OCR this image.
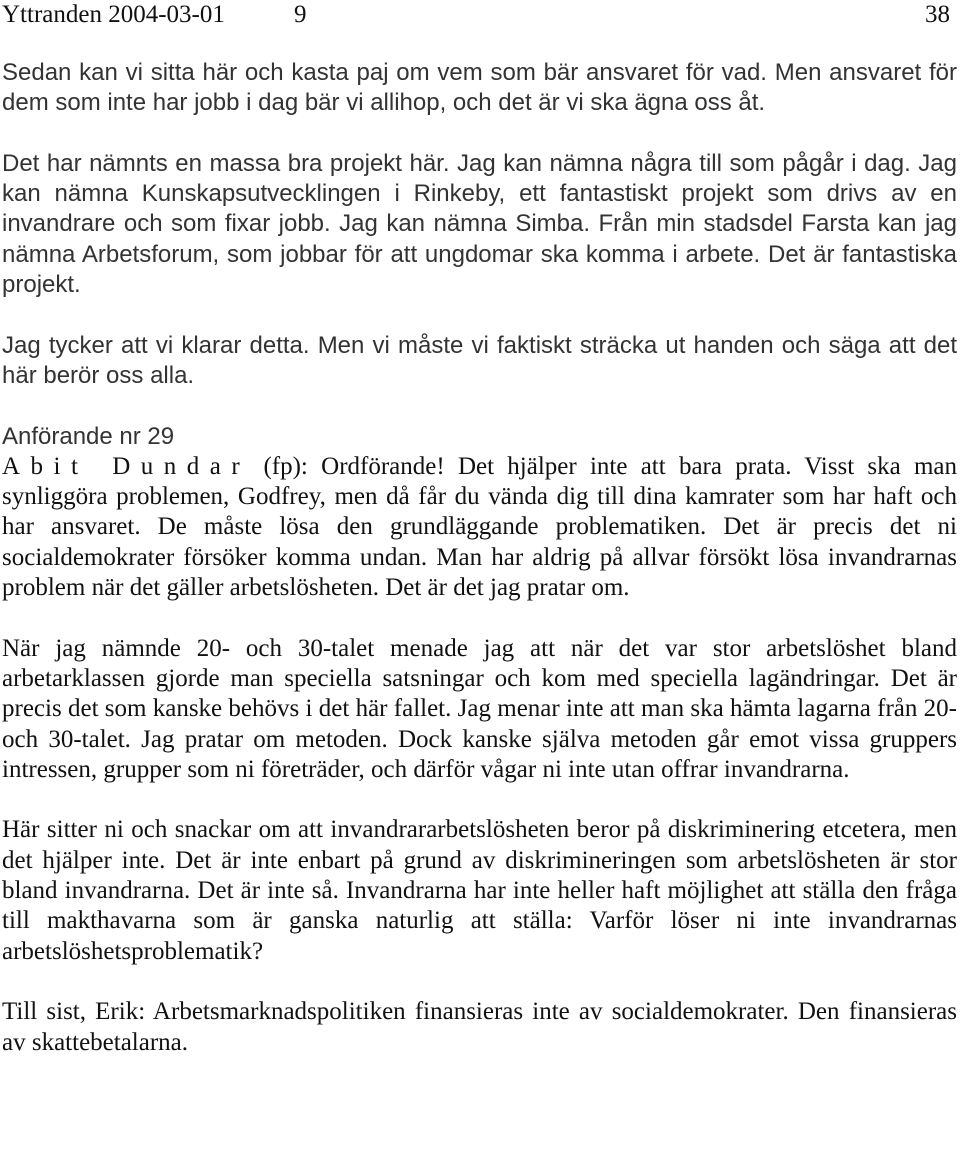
Yttranden 2004-03-01	9	38

Sedan kan vi sitta här och kasta paj om vem som bär ansvaret för vad. Men ansvaret för dem som inte har jobb i dag bär vi allihop, och det är vi ska ägna oss åt.

Det har nämnts en massa bra projekt här. Jag kan nämna några till som pågår i dag. Jag kan nämna Kunskapsutvecklingen i Rinkeby, ett fantastiskt projekt som drivs av en invandrare och som fixar jobb. Jag kan nämna Simba. Från min stadsdel Farsta kan jag nämna Arbetsforum, som jobbar för att ungdomar ska komma i arbete. Det är fantastiska projekt.

Jag tycker att vi klarar detta. Men vi måste vi faktiskt sträcka ut handen och säga att det här berör oss alla.

Anförande nr 29

Abit Dundar (fp): Ordförande! Det hjälper inte att bara prata. Visst ska man synliggöra problemen, Godfrey, men då får du vända dig till dina kamrater som har haft och har ansvaret. De måste lösa den grundläggande problematiken. Det är precis det ni socialdemokrater försöker komma undan. Man har aldrig på allvar försökt lösa invandrarnas problem när det gäller arbetslösheten. Det är det jag pratar om.

När jag nämnde 20- och 30-talet menade jag att när det var stor arbetslöshet bland arbetarklassen gjorde man speciella satsningar och kom med speciella lagändringar. Det är precis det som kanske behövs i det här fallet. Jag menar inte att man ska hämta lagarna från 20- och 30-talet. Jag pratar om metoden. Dock kanske själva metoden går emot vissa gruppers intressen, grupper som ni företräder, och därför vågar ni inte utan offrar invandrarna.

Här sitter ni och snackar om att invandrararbetslösheten beror på diskriminering etcetera, men det hjälper inte. Det är inte enbart på grund av diskrimineringen som arbetslösheten är stor bland invandrarna. Det är inte så. Invandrarna har inte heller haft möjlighet att ställa den fråga till makthavarna som är ganska naturlig att ställa: Varför löser ni inte invandrarnas arbetslöshetsproblematik?

Till sist, Erik: Arbetsmarknadspolitiken finansieras inte av socialdemokrater. Den finansieras av skattebetalarna.
